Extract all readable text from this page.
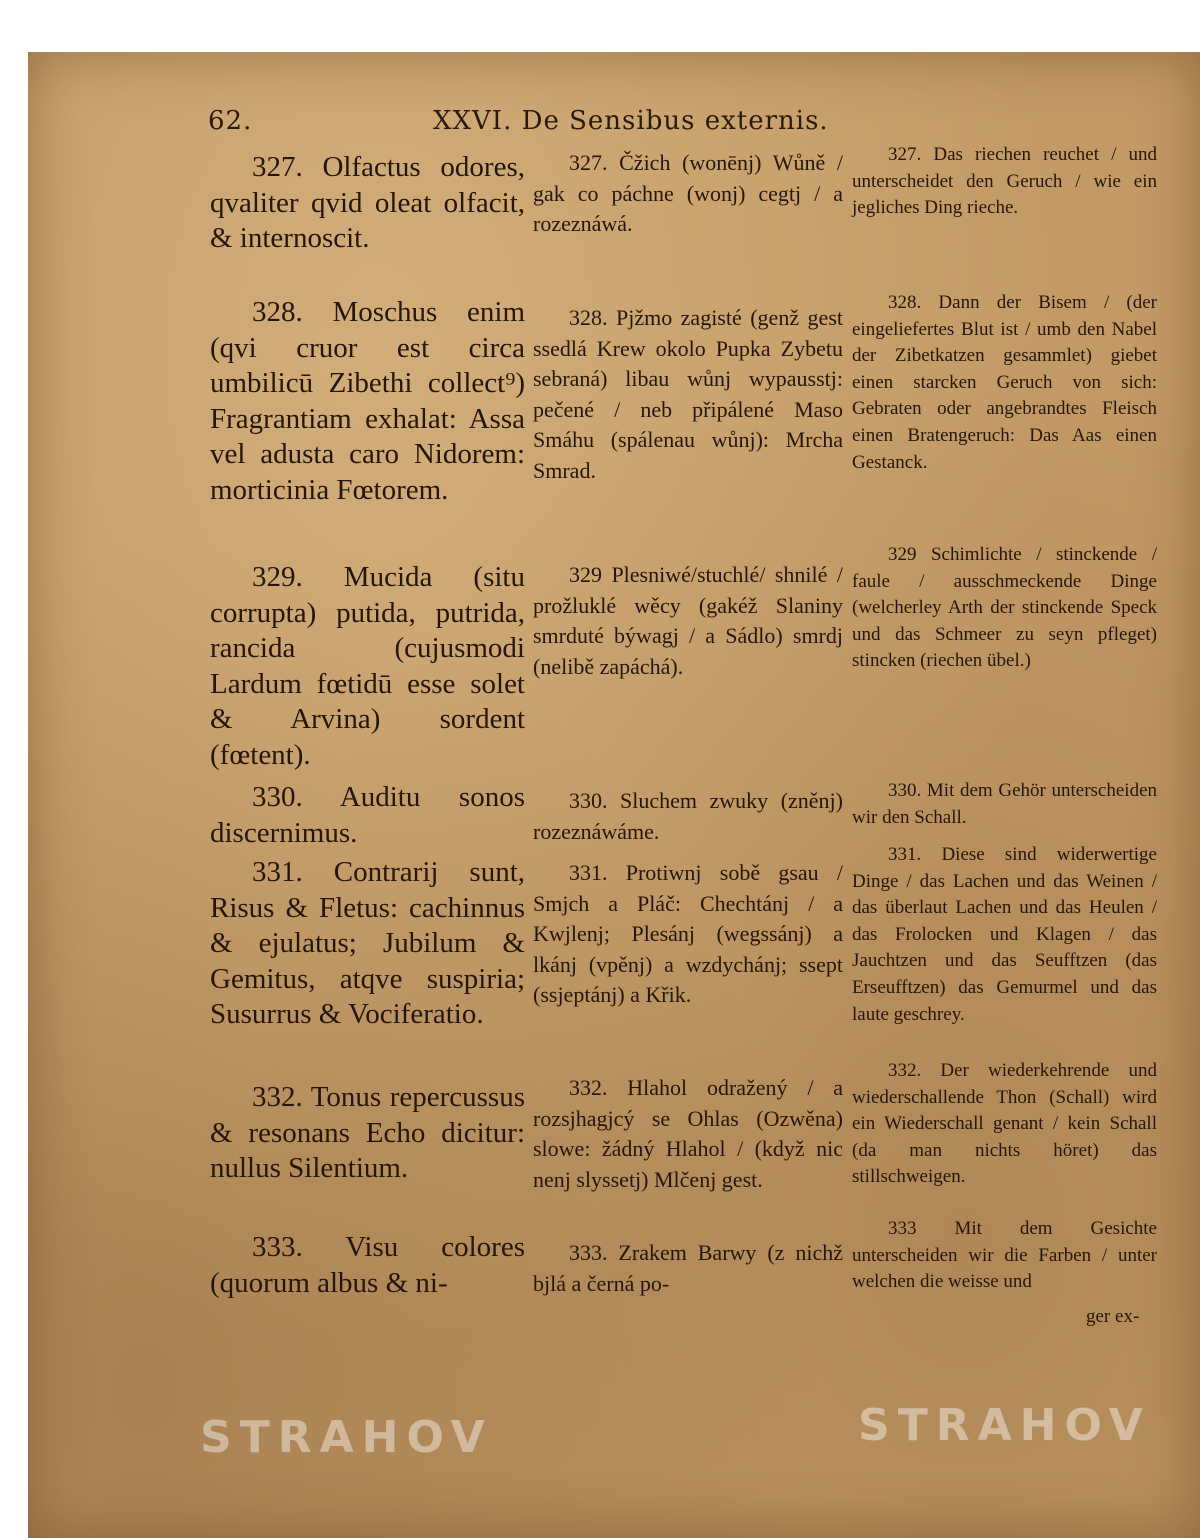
62.	XXVI. De Sensibus externis.
327. Olfactus odores, qvaliter qvid oleat olfacit, & internoscit.
328. Moschus enim (qvi cruor est circa umbilicū Zibethi collect⁹) Fragrantiam exhalat: Assa vel adusta caro Nidorem: morticinia Fœtorem.
329. Mucida (situ corrupta) putida, putrida, rancida (cujusmodi Lardum fœtidū esse solet & Arvina) sordent (fœtent).
330. Auditu sonos discernimus.
331. Contrarij sunt, Risus & Fletus: cachinnus & ejulatus; Jubilum & Gemitus, atqve suspiria; Susurrus & Vociferatio.
332. Tonus repercussus & resonans Echo dicitur: nullus Silentium.
333. Visu colores (quorum albus & ni-
327. Čžich (wonēnj) Wůně / gak co páchne (wonj) cegtj / a rozeznáwá.
328. Pjžmo zagisté (genž gest ssedlá Krew okolo Pupka Zybetu sebraná) libau wůnj wypausstj: pečené / neb připálené Maso Smáhu (spálenau wůnj): Mrcha Smrad.
329 Plesniwé/stuchlé/ shnilé / prožluklé wěcy (gakéž Slaniny smrduté býwagj / a Sádlo) smrdj (nelibě zapáchá).
330. Sluchem zwuky (zněnj) rozeznáwáme.
331. Protiwnj sobě gsau / Smjch a Pláč: Chechtánj / a Kwjlenj; Plesánj (wegssánj) a lkánj (vpěnj) a wzdychánj; ssept (ssjeptánj) a Křik.
332. Hlahol odražený / a rozsjhagjcý se Ohlas (Ozwěna) slowe: žádný Hlahol / (když nic nenj slyssetj) Mlčenj gest.
333. Zrakem Barwy (z nichž bjlá a černá po-
327. Das riechen reuchet / und unterscheidet den Geruch / wie ein jegliches Ding rieche.
328. Dann der Bisem / (der eingeliefertes Blut ist / umb den Nabel der Zibetkatzen gesammlet) giebet einen starcken Geruch von sich: Gebraten oder angebrandtes Fleisch einen Bratengeruch: Das Aas einen Gestanck.
329 Schimlichte / stinckende / faule / ausschmeckende Dinge (welcherley Arth der stinckende Speck und das Schmeer zu seyn pfleget) stincken (riechen übel.)
330. Mit dem Gehör unterscheiden wir den Schall.
331. Diese sind widerwertige Dinge / das Lachen und das Weinen / das überlaut Lachen und das Heulen / das Frolocken und Klagen / das Jauchtzen und das Seufftzen (das Erseufftzen) das Gemurmel und das laute geschrey.
332. Der wiederkehrende und wiederschallende Thon (Schall) wird ein Wiederschall genant / kein Schall (da man nichts höret) das stillschweigen.
333 Mit dem Gesichte unterscheiden wir die Farben / unter welchen die weisse und
ger ex-
STRAHOV	STRAHOV
